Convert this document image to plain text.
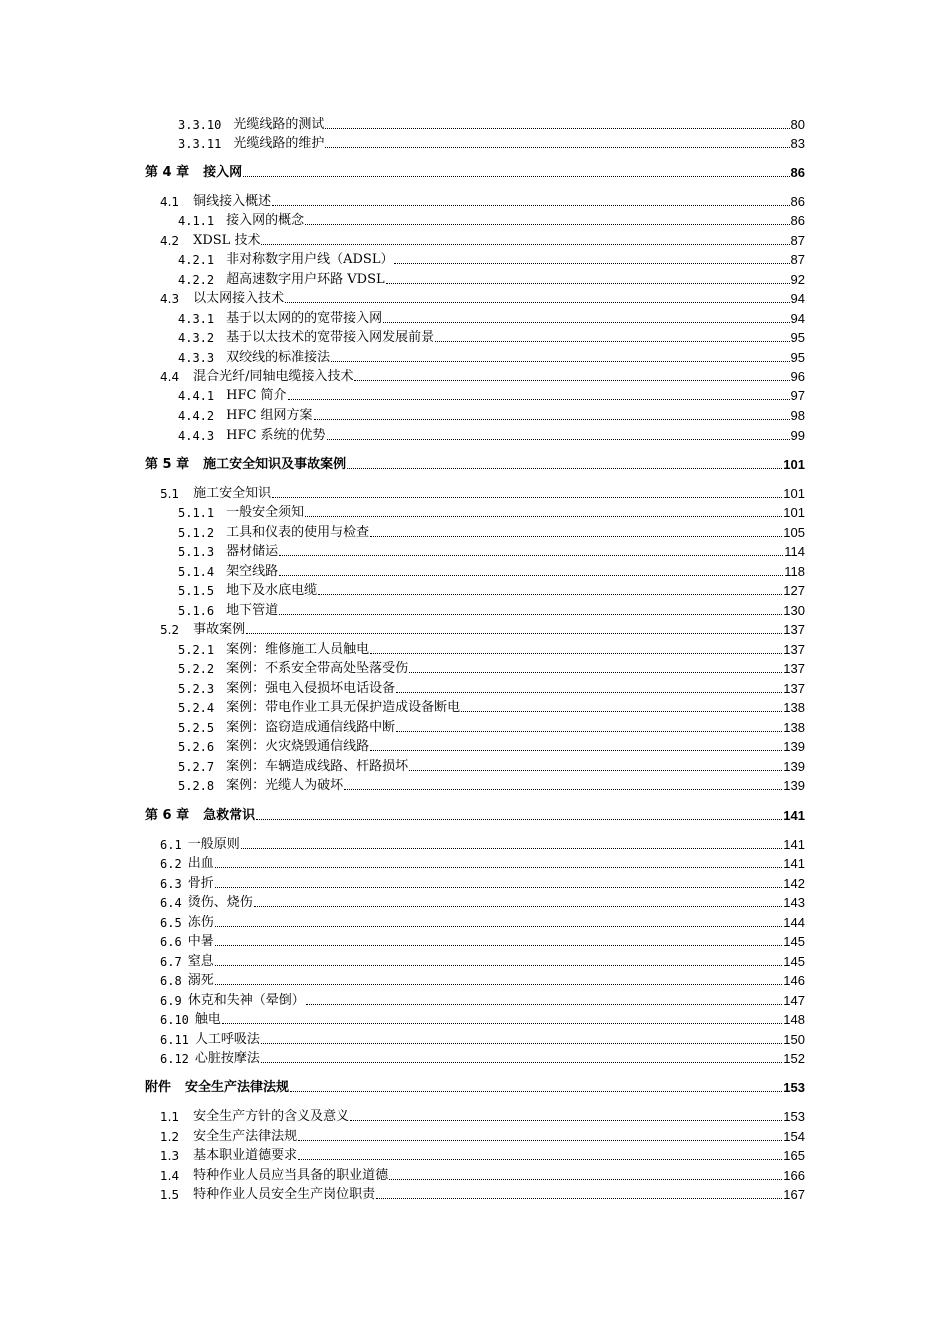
3.3.10 光缆线路的测试	80
3.3.11 光缆线路的维护	83
第 4 章 接入网	86
4.1 铜线接入概述	86
4.1.1 接入网的概念	86
4.2 XDSL 技术	87
4.2.1 非对称数字用户线（ADSL）	87
4.2.2 超高速数字用户环路 VDSL	92
4.3 以太网接入技术	94
4.3.1 基于以太网的的宽带接入网	94
4.3.2 基于以太技术的宽带接入网发展前景	95
4.3.3 双绞线的标准接法	95
4.4 混合光纤/同轴电缆接入技术	96
4.4.1 HFC 简介	97
4.4.2 HFC 组网方案	98
4.4.3 HFC 系统的优势	99
第 5 章 施工安全知识及事故案例	101
5.1 施工安全知识	101
5.1.1 一般安全须知	101
5.1.2 工具和仪表的使用与检查	105
5.1.3 器材储运	114
5.1.4 架空线路	118
5.1.5 地下及水底电缆	127
5.1.6 地下管道	130
5.2 事故案例	137
5.2.1 案例：维修施工人员触电	137
5.2.2 案例：不系安全带高处坠落受伤	137
5.2.3 案例：强电入侵损坏电话设备	137
5.2.4 案例：带电作业工具无保护造成设备断电	138
5.2.5 案例：盗窃造成通信线路中断	138
5.2.6 案例：火灾烧毁通信线路	139
5.2.7 案例：车辆造成线路、杆路损坏	139
5.2.8 案例：光缆人为破坏	139
第 6 章 急救常识	141
6.1 一般原则	141
6.2 出血	141
6.3 骨折	142
6.4 烫伤、烧伤	143
6.5 冻伤	144
6.6 中暑	145
6.7 窒息	145
6.8 溺死	146
6.9 休克和失神（晕倒）	147
6.10 触电	148
6.11 人工呼吸法	150
6.12 心脏按摩法	152
附件 安全生产法律法规	153
1.1 安全生产方针的含义及意义	153
1.2 安全生产法律法规	154
1.3 基本职业道德要求	165
1.4 特种作业人员应当具备的职业道德	166
1.5 特种作业人员安全生产岗位职责	167
